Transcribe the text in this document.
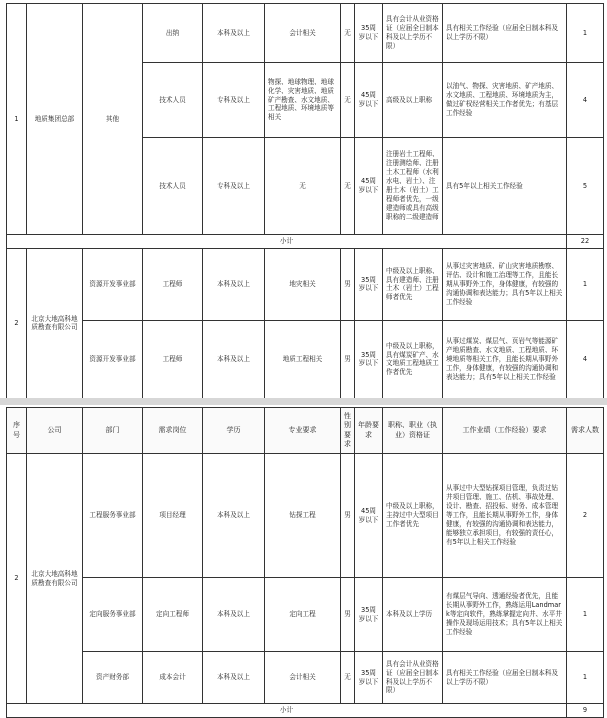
1	地质集团总部	其他	出纳	本科及以上	会计相关	无	35周岁以下	具有会计从业资格证（应届全日制本科及以上学历不限）	具有相关工作经验（应届全日制本科及以上学历不限）	1
			技术人员	专科及以上	物探、地球物理、地球化学、灾害地质、地质矿产勘查、水文地质、工程地质、环境地质等相关	无	45周岁以下	高级及以上职称	以油气、物探、灾害地质、矿产地质、水文地质、工程地质、环境地质为主，做过矿权经营相关工作者优先；有基层工作经验	4
			技术人员	专科及以上	无	无	45周岁以下	注册岩土工程师、注册测绘师、注册土木工程师（水利水电、岩土）、注册土木（岩土）工程师者优先，一级建造师或具有高级职称的二级建造师	具有5年以上相关工作经验	5
小计										22
2	北京大地高科地质勘查有限公司	资源开发事业部	工程师	本科及以上	地灾相关	男	35周岁以下	中级及以上职称、具有建造师、注册土木（岩土）工程师者优先	从事过灾害地质、矿山灾害地质勘察、评估、设计和施工治理等工作，且能长期从事野外工作，身体健康，有较强的沟通协调和表达能力；具有5年以上相关工作经验	1
		资源开发事业部	工程师	本科及以上	地质工程相关	男	35周岁以下	中级及以上职称，具有煤炭矿产、水文地质工程地质工作者优先	从事过煤炭、煤层气、页岩气等能源矿产地质勘查、水文地质、工程地质、环境地质等相关工作，且能长期从事野外工作，身体健康，有较强的沟通协调和表达能力；具有5年以上相关工作经验	4
序号	公司	部门	需求岗位	学历	专业要求	性别要求	年龄要求	职称、职业（执业）资格证	工作业绩（工作经验）要求	需求人数
2	北京大地高科地质勘查有限公司	工程服务事业部	项目经理	本科及以上	钻探工程	男	45周岁以下	中级及以上职称，主持过中大型项目工作者优先	从事过中大型钻探项目管理，负责过钻井项目管理、施工、估机、事故处理、设计、勘查、招投标、财务、成本管理等工作，且能长期从事野外工作，身体健康，有较强的沟通协调和表达能力，能够独立承担项目，有较强的责任心，有5年以上相关工作经验	2
		定向服务事业部	定向工程师	本科及以上	定向工程	男	35周岁以下	本科及以上学历	有煤层气导向、透通经验者优先，且能长期从事野外工作，熟练运用Landmark等定向软件，熟练掌握定向井、水平井操作及现场运用技术；具有5年以上相关工作经验	1
		资产财务部	成本会计	本科及以上	会计相关	无	35周岁以下	具有会计从业资格证（应届全日制本科及以上学历不限）	具有相关工作经验（应届全日制本科及以上学历不限）	1
小计										9
